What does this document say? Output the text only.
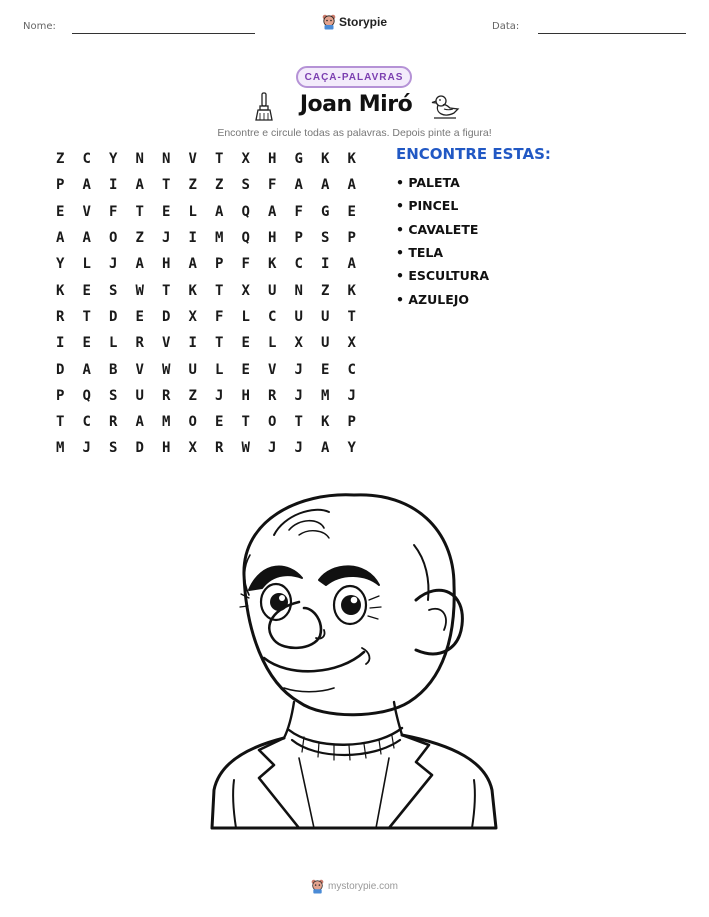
Nome:	Storypie	Data:
CAÇA-PALAVRAS
Joan Miró
Encontre e circule todas as palavras. Depois pinte a figura!
Z	C	Y	N	N	V	T	X	H	G	K	K
P	A	I	A	T	Z	Z	S	F	A	A	A
E	V	F	T	E	L	A	Q	A	F	G	E
A	A	O	Z	J	I	M	Q	H	P	S	P
Y	L	J	A	H	A	P	F	K	C	I	A
K	E	S	W	T	K	T	X	U	N	Z	K
R	T	D	E	D	X	F	L	C	U	U	T
I	E	L	R	V	I	T	E	L	X	U	X
D	A	B	V	W	U	L	E	V	J	E	C
P	Q	S	U	R	Z	J	H	R	J	M	J
T	C	R	A	M	O	E	T	O	T	K	P
M	J	S	D	H	X	R	W	J	J	A	Y
ENCONTRE ESTAS:
• PALETA
• PINCEL
• CAVALETE
• TELA
• ESCULTURA
• AZULEJO
mystorypie.com
